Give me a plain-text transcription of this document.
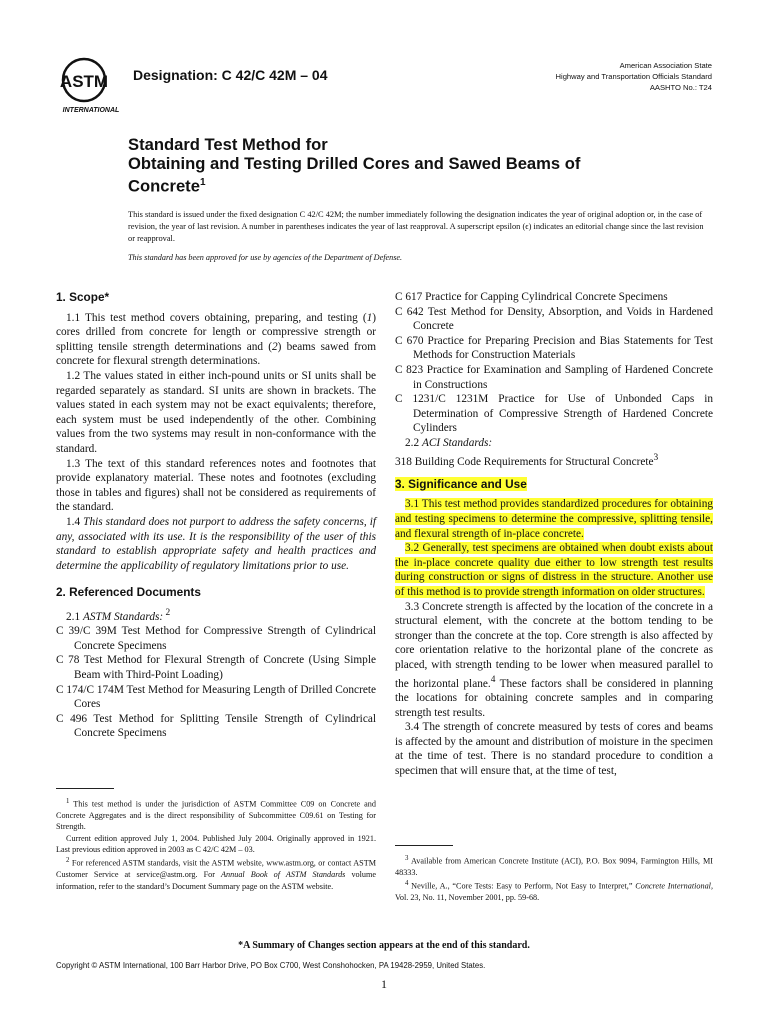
ASTM
INTERNATIONAL
Designation: C 42/C 42M – 04
American Association State
Highway and Transportation Officials Standard
AASHTO No.: T24
Standard Test Method for
Obtaining and Testing Drilled Cores and Sawed Beams of
Concrete$^1$
This standard is issued under the fixed designation C 42/C 42M; the number immediately following the designation indicates the year of original adoption or, in the case of revision, the year of last revision. A number in parentheses indicates the year of last reapproval. A superscript epsilon (ϵ) indicates an editorial change since the last revision or reapproval.
This standard has been approved for use by agencies of the Department of Defense.
1. Scope*

1.1 This test method covers obtaining, preparing, and testing (1) cores drilled from concrete for length or compressive strength or splitting tensile strength determinations and (2) beams sawed from concrete for flexural strength determinations.

1.2 The values stated in either inch-pound units or SI units shall be regarded separately as standard. SI units are shown in brackets. The values stated in each system may not be exact equivalents; therefore, each system must be used independently of the other. Combining values from the two systems may result in non-conformance with the standard.

1.3 The text of this standard references notes and footnotes that provide explanatory material. These notes and footnotes (excluding those in tables and figures) shall not be considered as requirements of the standard.

1.4 This standard does not purport to address the safety concerns, if any, associated with its use. It is the responsibility of the user of this standard to establish appropriate safety and health practices and determine the applicability of regulatory limitations prior to use.

2. Referenced Documents

2.1 ASTM Standards: $^2$

C 39/C 39M Test Method for Compressive Strength of Cylindrical Concrete Specimens
C 78 Test Method for Flexural Strength of Concrete (Using Simple Beam with Third-Point Loading)
C 174/C 174M Test Method for Measuring Length of Drilled Concrete Cores
C 496 Test Method for Splitting Tensile Strength of Cylindrical Concrete Specimens

$^1$ This test method is under the jurisdiction of ASTM Committee C09 on Concrete and Concrete Aggregates and is the direct responsibility of Subcommittee C09.61 on Testing for Strength.

Current edition approved July 1, 2004. Published July 2004. Originally approved in 1921. Last previous edition approved in 2003 as C 42/C 42M – 03.

$^2$ For referenced ASTM standards, visit the ASTM website, www.astm.org, or contact ASTM Customer Service at service@astm.org. For Annual Book of ASTM Standards volume information, refer to the standard’s Document Summary page on the ASTM website.

C 617 Practice for Capping Cylindrical Concrete Specimens
C 642 Test Method for Density, Absorption, and Voids in Hardened Concrete
C 670 Practice for Preparing Precision and Bias Statements for Test Methods for Construction Materials
C 823 Practice for Examination and Sampling of Hardened Concrete in Constructions
C 1231/C 1231M Practice for Use of Unbonded Caps in Determination of Compressive Strength of Hardened Concrete Cylinders

2.2 ACI Standards:

318 Building Code Requirements for Structural Concrete$^3$
3. Significance and Use

3.1 This test method provides standardized procedures for obtaining and testing specimens to determine the compressive, splitting tensile, and flexural strength of in-place concrete.

3.2 Generally, test specimens are obtained when doubt exists about the in-place concrete quality due either to low strength test results during construction or signs of distress in the structure. Another use of this method is to provide strength information on older structures.

3.3 Concrete strength is affected by the location of the concrete in a structural element, with the concrete at the bottom tending to be stronger than the concrete at the top. Core strength is also affected by core orientation relative to the horizontal plane of the concrete as placed, with strength tending to be lower when measured parallel to the horizontal plane.$^4$ These factors shall be considered in planning the locations for obtaining concrete samples and in comparing strength test results.

3.4 The strength of concrete measured by tests of cores and beams is affected by the amount and distribution of moisture in the specimen at the time of test. There is no standard procedure to condition a specimen that will ensure that, at the time of test,

$^3$ Available from American Concrete Institute (ACI), P.O. Box 9094, Farmington Hills, MI 48333.

$^4$ Neville, A., “Core Tests: Easy to Perform, Not Easy to Interpret,” Concrete International, Vol. 23, No. 11, November 2001, pp. 59-68.

*A Summary of Changes section appears at the end of this standard.
Copyright © ASTM International, 100 Barr Harbor Drive, PO Box C700, West Conshohocken, PA 19428-2959, United States.
1
